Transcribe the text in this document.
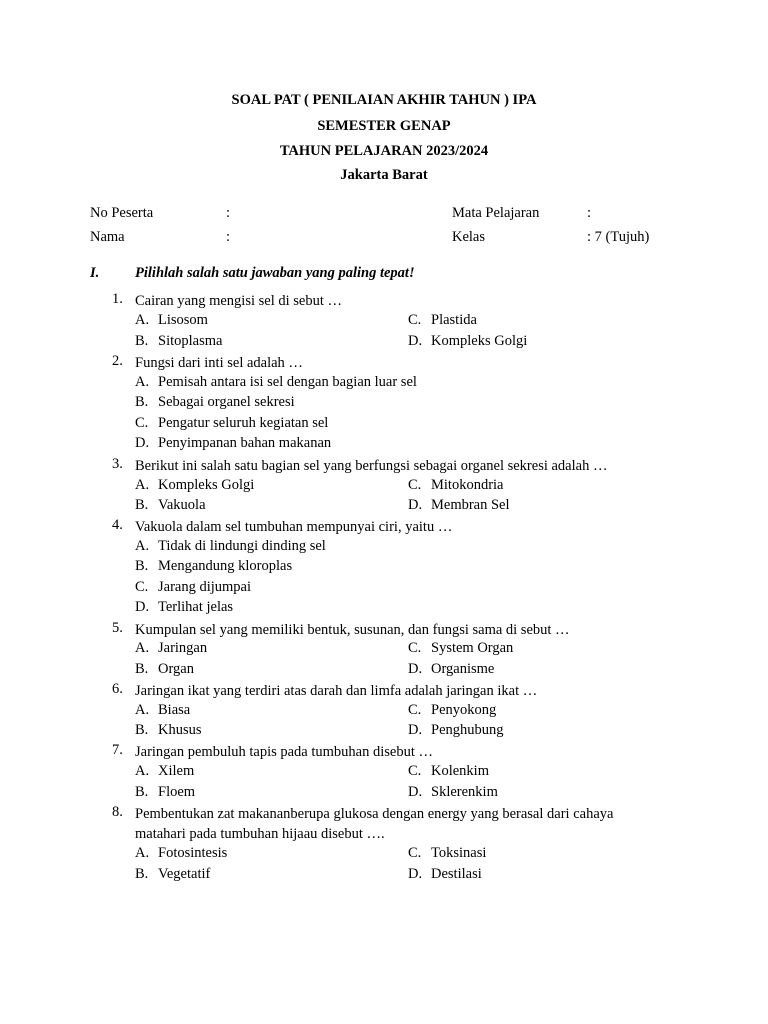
SOAL PAT ( PENILAIAN AKHIR TAHUN ) IPA
SEMESTER GENAP
TAHUN PELAJARAN 2023/2024
Jakarta Barat
No Peserta	:	Mata Pelajaran	:
Nama	:	Kelas	: 7 (Tujuh)
I. Pilihlah salah satu jawaban yang paling tepat!
1. Cairan yang mengisi sel di sebut …
A. Lisosom
B. Sitoplasma
C. Plastida
D. Kompleks Golgi
2. Fungsi dari inti sel adalah …
A. Pemisah antara isi sel dengan bagian luar sel
B. Sebagai organel sekresi
C. Pengatur seluruh kegiatan sel
D. Penyimpanan bahan makanan
3. Berikut ini salah satu bagian sel yang berfungsi sebagai organel sekresi adalah …
A. Kompleks Golgi
B. Vakuola
C. Mitokondria
D. Membran Sel
4. Vakuola dalam sel tumbuhan mempunyai ciri, yaitu …
A. Tidak di lindungi dinding sel
B. Mengandung kloroplas
C. Jarang dijumpai
D. Terlihat jelas
5. Kumpulan sel yang memiliki bentuk, susunan, dan fungsi sama di sebut …
A. Jaringan
B. Organ
C. System Organ
D. Organisme
6. Jaringan ikat yang terdiri atas darah dan limfa adalah jaringan ikat …
A. Biasa
B. Khusus
C. Penyokong
D. Penghubung
7. Jaringan pembuluh tapis pada tumbuhan disebut …
A. Xilem
B. Floem
C. Kolenkim
D. Sklerenkim
8. Pembentukan zat makananberupa glukosa dengan energy yang berasal dari cahaya
matahari pada tumbuhan hijaau disebut ….
A. Fotosintesis
B. Vegetatif
C. Toksinasi
D. Destilasi
